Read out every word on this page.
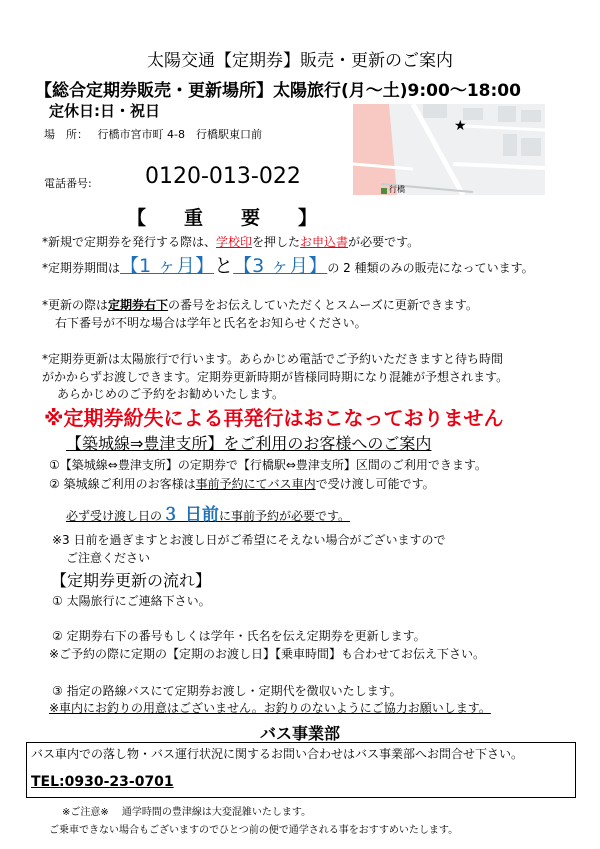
太陽交通【定期券】販売・更新のご案内
【総合定期券販売・更新場所】太陽旅行(月～土)9:00～18:00
定休日:日・祝日
場　所： 行橋市宮市町 4-8　行橋駅東口前
電話番号: 0120-013-022
★
行橋
【　　重　　要　　】
*新規で定期券を発行する際は、学校印を押したお申込書が必要です。
*定期券期間は【1 ヶ月】と【3 ヶ月】の 2 種類のみの販売になっています。
*更新の際は定期券右下の番号をお伝えしていただくとスムーズに更新できます。
右下番号が不明な場合は学年と氏名をお知らせください。
*定期券更新は太陽旅行で行います。あらかじめ電話でご予約いただきますと待ち時間
がかからずお渡しできます。定期券更新時期が皆様同時期になり混雑が予想されます。
あらかじめのご予約をお勧めいたします。
※定期券紛失による再発行はおこなっておりません
【築城線⇒豊津支所】をご利用のお客様へのご案内
①【築城線⇔豊津支所】の定期券で【行橋駅⇔豊津支所】区間のご利用できます。
② 築城線ご利用のお客様は事前予約にてバス車内で受け渡し可能です。
必ず受け渡し日の３ 日前に事前予約が必要です。
※3 日前を過ぎますとお渡し日がご希望にそえない場合がございますので
ご注意ください
【定期券更新の流れ】
① 太陽旅行にご連絡下さい。
② 定期券右下の番号もしくは学年・氏名を伝え定期券を更新します。
※ご予約の際に定期の【定期のお渡し日】【乗車時間】も合わせてお伝え下さい。
③ 指定の路線バスにて定期券お渡し・定期代を徴収いたします。
※車内にお釣りの用意はございません。お釣りのないようにご協力お願いします。
バス事業部
バス車内での落し物・バス運行状況に関するお問い合わせはバス事業部へお問合せ下さい。
TEL:0930-23-0701
※ご注意※　 通学時間の豊津線は大変混雑いたします。
ご乗車できない場合もございますのでひとつ前の便で通学される事をおすすめいたします。
